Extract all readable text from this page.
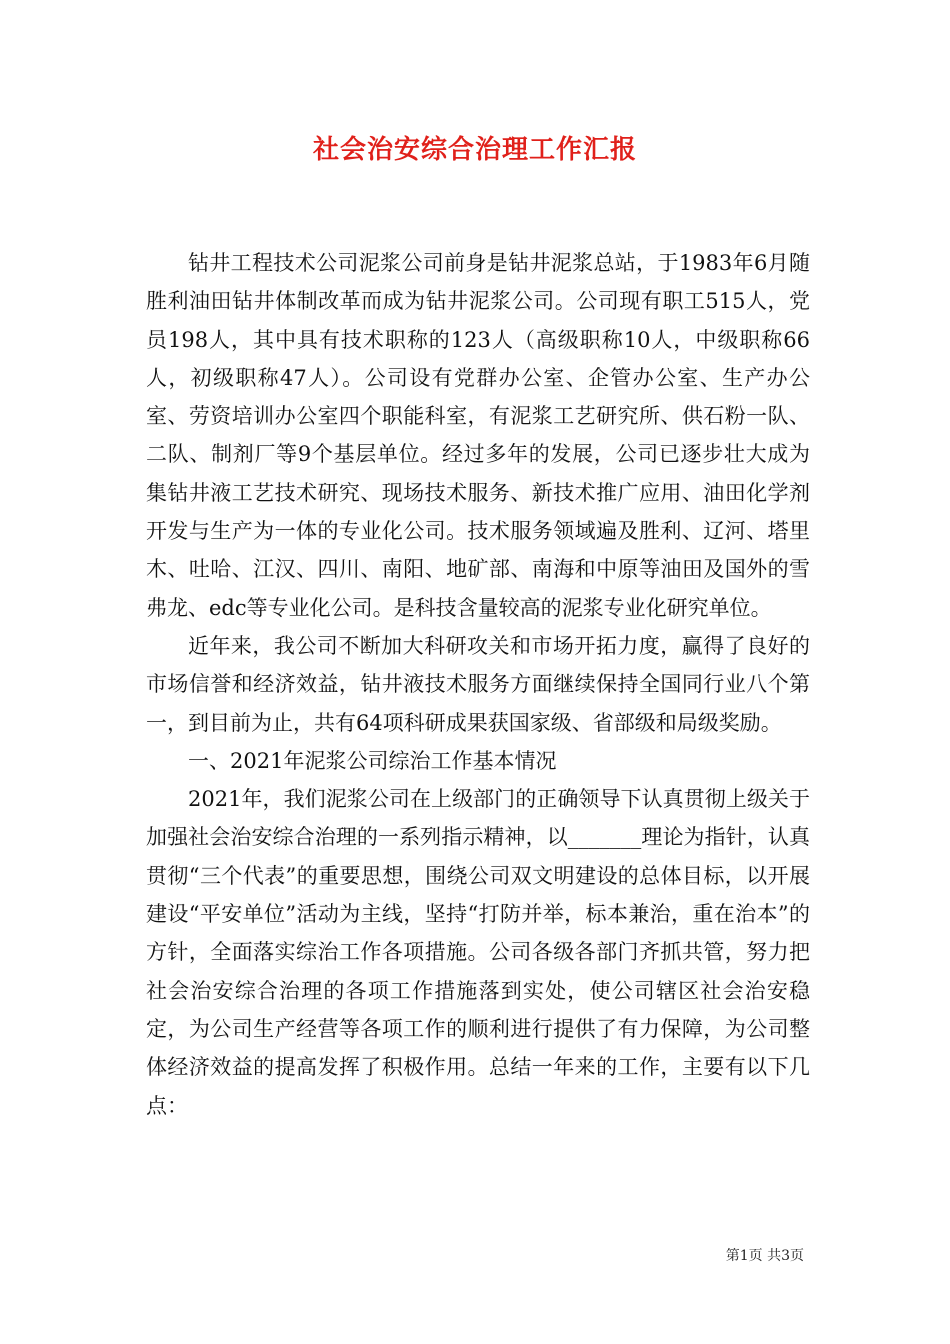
社会治安综合治理工作汇报

钻井工程技术公司泥浆公司前身是钻井泥浆总站，于1983年6月随胜利油田钻井体制改革而成为钻井泥浆公司。公司现有职工515人，党员198人，其中具有技术职称的123人（高级职称10人，中级职称66人，初级职称47人）。公司设有党群办公室、企管办公室、生产办公室、劳资培训办公室四个职能科室，有泥浆工艺研究所、供石粉一队、二队、制剂厂等9个基层单位。经过多年的发展，公司已逐步壮大成为集钻井液工艺技术研究、现场技术服务、新技术推广应用、油田化学剂开发与生产为一体的专业化公司。技术服务领域遍及胜利、辽河、塔里木、吐哈、江汉、四川、南阳、地矿部、南海和中原等油田及国外的雪弗龙、edc等专业化公司。是科技含量较高的泥浆专业化研究单位。

近年来，我公司不断加大科研攻关和市场开拓力度，赢得了良好的市场信誉和经济效益，钻井液技术服务方面继续保持全国同行业八个第一，到目前为止，共有64项科研成果获国家级、省部级和局级奖励。

一、2021年泥浆公司综治工作基本情况

2021年，我们泥浆公司在上级部门的正确领导下认真贯彻上级关于加强社会治安综合治理的一系列指示精神，以_______理论为指针，认真贯彻“三个代表”的重要思想，围绕公司双文明建设的总体目标，以开展建设“平安单位”活动为主线，坚持“打防并举，标本兼治，重在治本”的方针，全面落实综治工作各项措施。公司各级各部门齐抓共管，努力把社会治安综合治理的各项工作措施落到实处，使公司辖区社会治安稳定，为公司生产经营等各项工作的顺利进行提供了有力保障，为公司整体经济效益的提高发挥了积极作用。总结一年来的工作，主要有以下几点：

第1页 共3页
